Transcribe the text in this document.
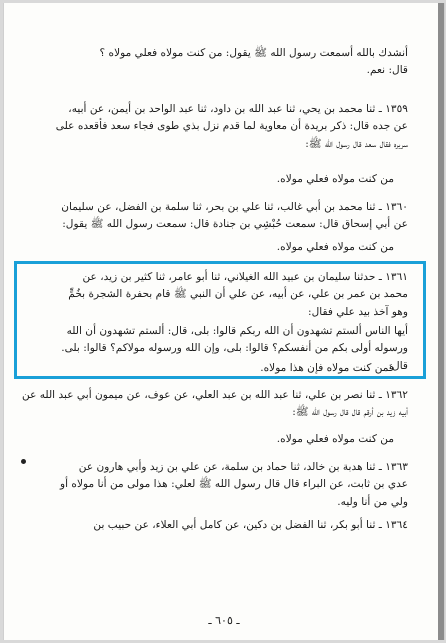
أنشدك بالله أسمعت رسول الله ﷺ يقول: من كنت مولاه فعلي مولاه ؟
قال: نعم.
١٣٥٩ ـ ثنا محمد بن يحي، ثنا عبد الله بن داود، ثنا عبد الواحد بن أيمن، عن أبيه،
عن جده قال: ذكر بريدة أن معاوية لما قدم نزل بذي طوى فجاء سعد فأقعده على
سريره فقال سعد قال رسول الله ﷺ:
من كنت مولاه فعلي مولاه.
١٣٦٠ ـ ثنا محمد بن أبي غالب، ثنا علي بن بحر، ثنا سلمة بن الفضل، عن سليمان
عن أبي إسحاق قال: سمعت حُبْشِي بن جنادة قال: سمعت رسول الله ﷺ يقول:
من كنت مولاه فعلي مولاه.
١٣٦١ ـ حدثنا سليمان بن عبيد الله الغيلاني، ثنا أبو عامر، ثنا كثير بن زيد، عن
محمد بن عمر بن علي، عن أبيه، عن علي أن النبي ﷺ قام بحفرة الشجرة بخُمٍّ
وهو آخذ بيد علي فقال:
أيها الناس ألستم تشهدون أن الله ربكم قالوا: بلى، قال: ألستم تشهدون أن الله
ورسوله أولى بكم من أنفسكم؟ قالوا: بلى، وإن الله ورسوله مولاكم؟ قالوا: بلى.
قال:
فمن كنت مولاه فإن هذا مولاه.
١٣٦٢ ـ ثنا نصر بن علي، ثنا عبد الله بن عبد العلي، عن عوف، عن ميمون أبي عبد الله عن
أبيه زيد بن أرقم قال قال رسول الله ﷺ:
من كنت مولاه فعلي مولاه.
١٣٦٣ ـ ثنا هدبة بن خالد، ثنا حماد بن سلمة، عن علي بن زيد وأبي هارون عن
عدي بن ثابت، عن البراء قال قال رسول الله ﷺ لعلي: هذا مولى من أنا مولاه أو
ولي من أنا وليه.
١٣٦٤ ـ ثنا أبو بكر، ثنا الفضل بن دكين، عن كامل أبي العلاء، عن حبيب بن
ـ ٦٠٥ ـ
